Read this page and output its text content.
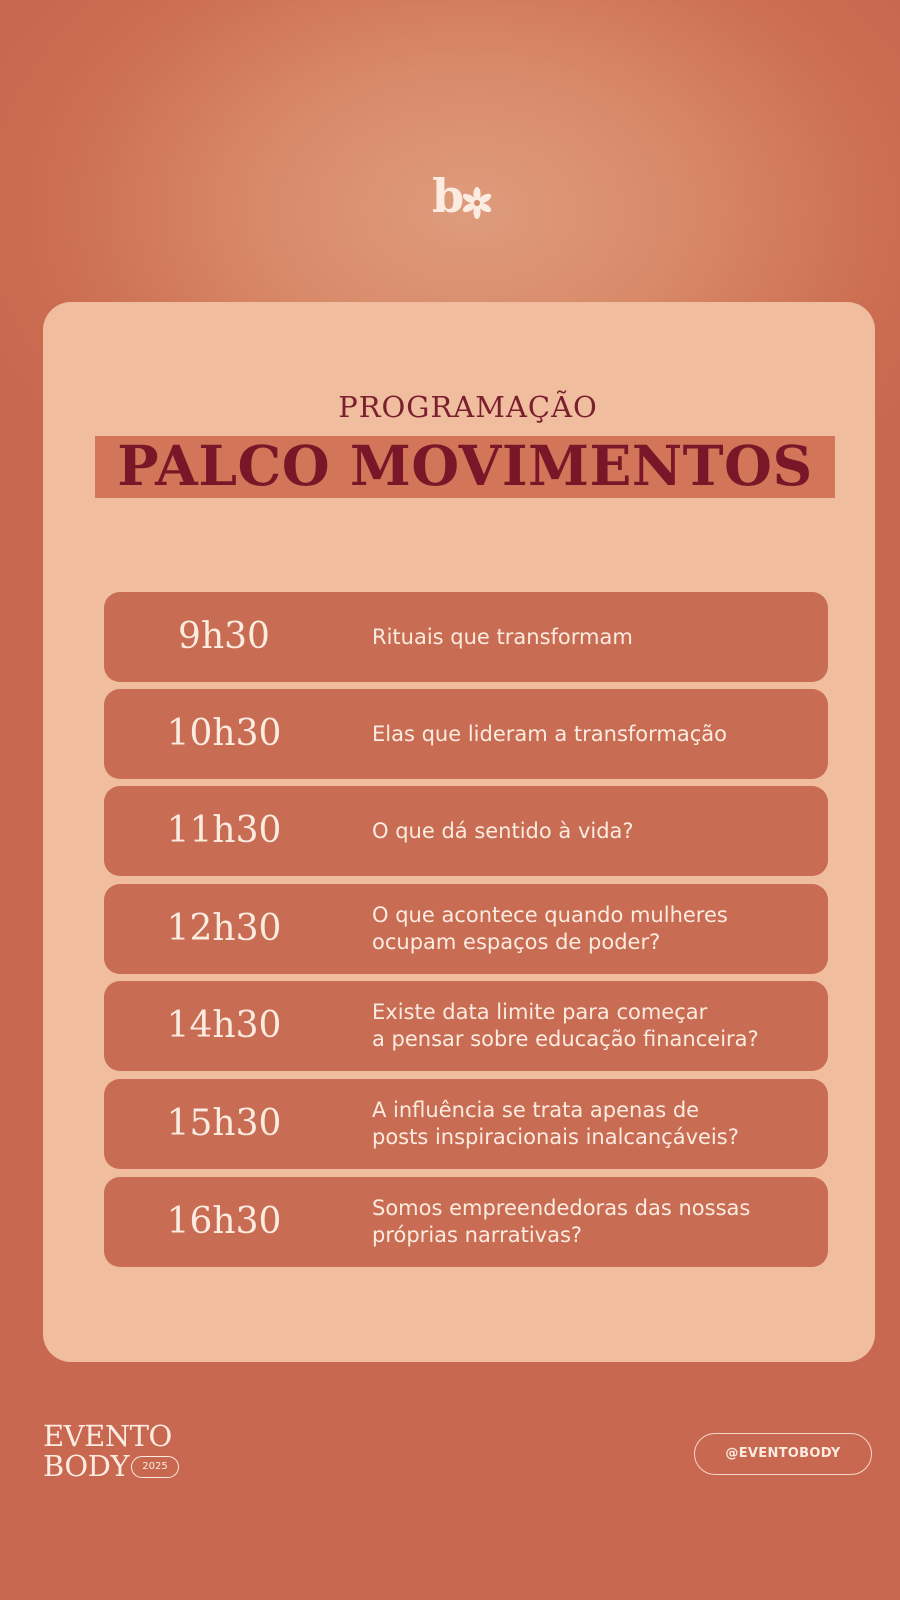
b
PROGRAMAÇÃO
PALCO MOVIMENTOS
9h30	Rituais que transformam
10h30	Elas que lideram a transformação
11h30	O que dá sentido à vida?
12h30	O que acontece quando mulheres
ocupam espaços de poder?
14h30	Existe data limite para começar
a pensar sobre educação financeira?
15h30	A influência se trata apenas de
posts inspiracionais inalcançáveis?
16h30	Somos empreendedoras das nossas
próprias narrativas?
EVENTO
BODY	2025
@EVENTOBODY
